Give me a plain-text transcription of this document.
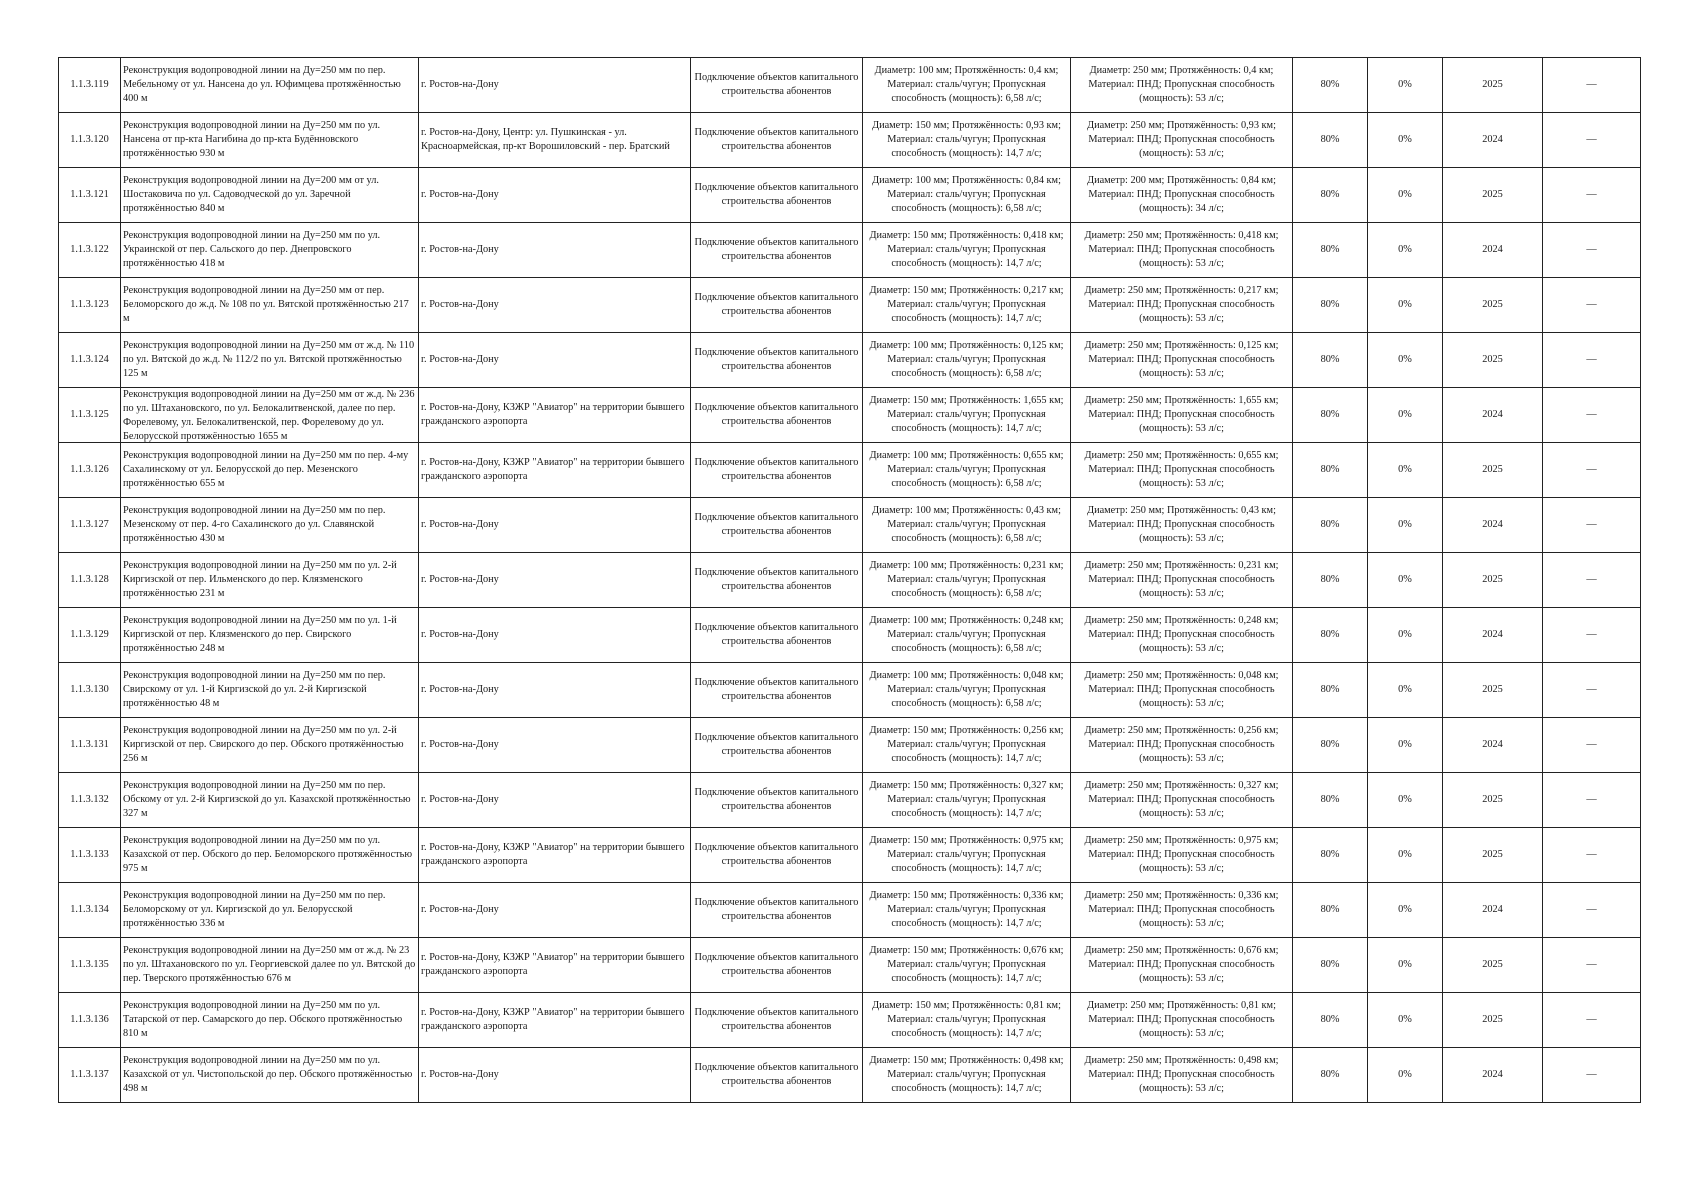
1.1.3.119	Реконструкция водопроводной линии на Ду=250 мм по пер. Мебельному от ул. Нансена до ул. Юфимцева протяжённостью 400 м	г. Ростов-на-Дону	Подключение объектов капитального строительства абонентов	Диаметр: 100 мм; Протяжённость: 0,4 км; Материал: сталь/чугун; Пропускная способность (мощность): 6,58 л/с;	Диаметр: 250 мм; Протяжённость: 0,4 км; Материал: ПНД; Пропускная способность (мощность): 53 л/с;	80%	0%	2025	—
1.1.3.120	Реконструкция водопроводной линии на Ду=250 мм по ул. Нансена от пр-кта Нагибина до пр-кта Будённовского протяжённостью 930 м	г. Ростов-на-Дону, Центр: ул. Пушкинская - ул. Красноармейская, пр-кт Ворошиловский - пер. Братский	Подключение объектов капитального строительства абонентов	Диаметр: 150 мм; Протяжённость: 0,93 км; Материал: сталь/чугун; Пропускная способность (мощность): 14,7 л/с;	Диаметр: 250 мм; Протяжённость: 0,93 км; Материал: ПНД; Пропускная способность (мощность): 53 л/с;	80%	0%	2024	—
1.1.3.121	Реконструкция водопроводной линии на Ду=200 мм от ул. Шостаковича по ул. Садоводческой до ул. Заречной протяжённостью 840 м	г. Ростов-на-Дону	Подключение объектов капитального строительства абонентов	Диаметр: 100 мм; Протяжённость: 0,84 км; Материал: сталь/чугун; Пропускная способность (мощность): 6,58 л/с;	Диаметр: 200 мм; Протяжённость: 0,84 км; Материал: ПНД; Пропускная способность (мощность): 34 л/с;	80%	0%	2025	—
1.1.3.122	Реконструкция водопроводной линии на Ду=250 мм по ул. Украинской от пер. Сальского до пер. Днепровского протяжённостью 418 м	г. Ростов-на-Дону	Подключение объектов капитального строительства абонентов	Диаметр: 150 мм; Протяжённость: 0,418 км; Материал: сталь/чугун; Пропускная способность (мощность): 14,7 л/с;	Диаметр: 250 мм; Протяжённость: 0,418 км; Материал: ПНД; Пропускная способность (мощность): 53 л/с;	80%	0%	2024	—
1.1.3.123	Реконструкция водопроводной линии на Ду=250 мм от пер. Беломорского до ж.д. № 108 по ул. Вятской протяжённостью 217 м	г. Ростов-на-Дону	Подключение объектов капитального строительства абонентов	Диаметр: 150 мм; Протяжённость: 0,217 км; Материал: сталь/чугун; Пропускная способность (мощность): 14,7 л/с;	Диаметр: 250 мм; Протяжённость: 0,217 км; Материал: ПНД; Пропускная способность (мощность): 53 л/с;	80%	0%	2025	—
1.1.3.124	Реконструкция водопроводной линии на Ду=250 мм от ж.д. № 110 по ул. Вятской до ж.д. № 112/2 по ул. Вятской протяжённостью 125 м	г. Ростов-на-Дону	Подключение объектов капитального строительства абонентов	Диаметр: 100 мм; Протяжённость: 0,125 км; Материал: сталь/чугун; Пропускная способность (мощность): 6,58 л/с;	Диаметр: 250 мм; Протяжённость: 0,125 км; Материал: ПНД; Пропускная способность (мощность): 53 л/с;	80%	0%	2025	—
1.1.3.125	Реконструкция водопроводной линии на Ду=250 мм от ж.д. № 236 по ул. Штахановского, по ул. Белокалитвенской, далее по пер. Форелевому, ул. Белокалитвенской, пер. Форелевому до ул. Белорусской протяжённостью 1655 м	г. Ростов-на-Дону, КЗЖР "Авиатор" на территории бывшего гражданского аэропорта	Подключение объектов капитального строительства абонентов	Диаметр: 150 мм; Протяжённость: 1,655 км; Материал: сталь/чугун; Пропускная способность (мощность): 14,7 л/с;	Диаметр: 250 мм; Протяжённость: 1,655 км; Материал: ПНД; Пропускная способность (мощность): 53 л/с;	80%	0%	2024	—
1.1.3.126	Реконструкция водопроводной линии на Ду=250 мм по пер. 4-му Сахалинскому от ул. Белорусской до пер. Мезенского протяжённостью 655 м	г. Ростов-на-Дону, КЗЖР "Авиатор" на территории бывшего гражданского аэропорта	Подключение объектов капитального строительства абонентов	Диаметр: 100 мм; Протяжённость: 0,655 км; Материал: сталь/чугун; Пропускная способность (мощность): 6,58 л/с;	Диаметр: 250 мм; Протяжённость: 0,655 км; Материал: ПНД; Пропускная способность (мощность): 53 л/с;	80%	0%	2025	—
1.1.3.127	Реконструкция водопроводной линии на Ду=250 мм по пер. Мезенскому от пер. 4-го Сахалинского до ул. Славянской протяжённостью 430 м	г. Ростов-на-Дону	Подключение объектов капитального строительства абонентов	Диаметр: 100 мм; Протяжённость: 0,43 км; Материал: сталь/чугун; Пропускная способность (мощность): 6,58 л/с;	Диаметр: 250 мм; Протяжённость: 0,43 км; Материал: ПНД; Пропускная способность (мощность): 53 л/с;	80%	0%	2024	—
1.1.3.128	Реконструкция водопроводной линии на Ду=250 мм по ул. 2-й Киргизской от пер. Ильменского до пер. Клязменского протяжённостью 231 м	г. Ростов-на-Дону	Подключение объектов капитального строительства абонентов	Диаметр: 100 мм; Протяжённость: 0,231 км; Материал: сталь/чугун; Пропускная способность (мощность): 6,58 л/с;	Диаметр: 250 мм; Протяжённость: 0,231 км; Материал: ПНД; Пропускная способность (мощность): 53 л/с;	80%	0%	2025	—
1.1.3.129	Реконструкция водопроводной линии на Ду=250 мм по ул. 1-й Киргизской от пер. Клязменского до пер. Свирского протяжённостью 248 м	г. Ростов-на-Дону	Подключение объектов капитального строительства абонентов	Диаметр: 100 мм; Протяжённость: 0,248 км; Материал: сталь/чугун; Пропускная способность (мощность): 6,58 л/с;	Диаметр: 250 мм; Протяжённость: 0,248 км; Материал: ПНД; Пропускная способность (мощность): 53 л/с;	80%	0%	2024	—
1.1.3.130	Реконструкция водопроводной линии на Ду=250 мм по пер. Свирскому от ул. 1-й Киргизской до ул. 2-й Киргизской протяжённостью 48 м	г. Ростов-на-Дону	Подключение объектов капитального строительства абонентов	Диаметр: 100 мм; Протяжённость: 0,048 км; Материал: сталь/чугун; Пропускная способность (мощность): 6,58 л/с;	Диаметр: 250 мм; Протяжённость: 0,048 км; Материал: ПНД; Пропускная способность (мощность): 53 л/с;	80%	0%	2025	—
1.1.3.131	Реконструкция водопроводной линии на Ду=250 мм по ул. 2-й Киргизской от пер. Свирского до пер. Обского протяжённостью 256 м	г. Ростов-на-Дону	Подключение объектов капитального строительства абонентов	Диаметр: 150 мм; Протяжённость: 0,256 км; Материал: сталь/чугун; Пропускная способность (мощность): 14,7 л/с;	Диаметр: 250 мм; Протяжённость: 0,256 км; Материал: ПНД; Пропускная способность (мощность): 53 л/с;	80%	0%	2024	—
1.1.3.132	Реконструкция водопроводной линии на Ду=250 мм по пер. Обскому от ул. 2-й Киргизской до ул. Казахской протяжённостью 327 м	г. Ростов-на-Дону	Подключение объектов капитального строительства абонентов	Диаметр: 150 мм; Протяжённость: 0,327 км; Материал: сталь/чугун; Пропускная способность (мощность): 14,7 л/с;	Диаметр: 250 мм; Протяжённость: 0,327 км; Материал: ПНД; Пропускная способность (мощность): 53 л/с;	80%	0%	2025	—
1.1.3.133	Реконструкция водопроводной линии на Ду=250 мм по ул. Казахской от пер. Обского до пер. Беломорского протяжённостью 975 м	г. Ростов-на-Дону, КЗЖР "Авиатор" на территории бывшего гражданского аэропорта	Подключение объектов капитального строительства абонентов	Диаметр: 150 мм; Протяжённость: 0,975 км; Материал: сталь/чугун; Пропускная способность (мощность): 14,7 л/с;	Диаметр: 250 мм; Протяжённость: 0,975 км; Материал: ПНД; Пропускная способность (мощность): 53 л/с;	80%	0%	2025	—
1.1.3.134	Реконструкция водопроводной линии на Ду=250 мм по пер. Беломорскому от ул. Киргизской до ул. Белорусской протяжённостью 336 м	г. Ростов-на-Дону	Подключение объектов капитального строительства абонентов	Диаметр: 150 мм; Протяжённость: 0,336 км; Материал: сталь/чугун; Пропускная способность (мощность): 14,7 л/с;	Диаметр: 250 мм; Протяжённость: 0,336 км; Материал: ПНД; Пропускная способность (мощность): 53 л/с;	80%	0%	2024	—
1.1.3.135	Реконструкция водопроводной линии на Ду=250 мм от ж.д. № 23 по ул. Штахановского по ул. Георгиевской далее по ул. Вятской до пер. Тверского протяжённостью 676 м	г. Ростов-на-Дону, КЗЖР "Авиатор" на территории бывшего гражданского аэропорта	Подключение объектов капитального строительства абонентов	Диаметр: 150 мм; Протяжённость: 0,676 км; Материал: сталь/чугун; Пропускная способность (мощность): 14,7 л/с;	Диаметр: 250 мм; Протяжённость: 0,676 км; Материал: ПНД; Пропускная способность (мощность): 53 л/с;	80%	0%	2025	—
1.1.3.136	Реконструкция водопроводной линии на Ду=250 мм по ул. Татарской от пер. Самарского до пер. Обского протяжённостью 810 м	г. Ростов-на-Дону, КЗЖР "Авиатор" на территории бывшего гражданского аэропорта	Подключение объектов капитального строительства абонентов	Диаметр: 150 мм; Протяжённость: 0,81 км; Материал: сталь/чугун; Пропускная способность (мощность): 14,7 л/с;	Диаметр: 250 мм; Протяжённость: 0,81 км; Материал: ПНД; Пропускная способность (мощность): 53 л/с;	80%	0%	2025	—
1.1.3.137	Реконструкция водопроводной линии на Ду=250 мм по ул. Казахской от ул. Чистопольской до пер. Обского протяжённостью 498 м	г. Ростов-на-Дону	Подключение объектов капитального строительства абонентов	Диаметр: 150 мм; Протяжённость: 0,498 км; Материал: сталь/чугун; Пропускная способность (мощность): 14,7 л/с;	Диаметр: 250 мм; Протяжённость: 0,498 км; Материал: ПНД; Пропускная способность (мощность): 53 л/с;	80%	0%	2024	—
